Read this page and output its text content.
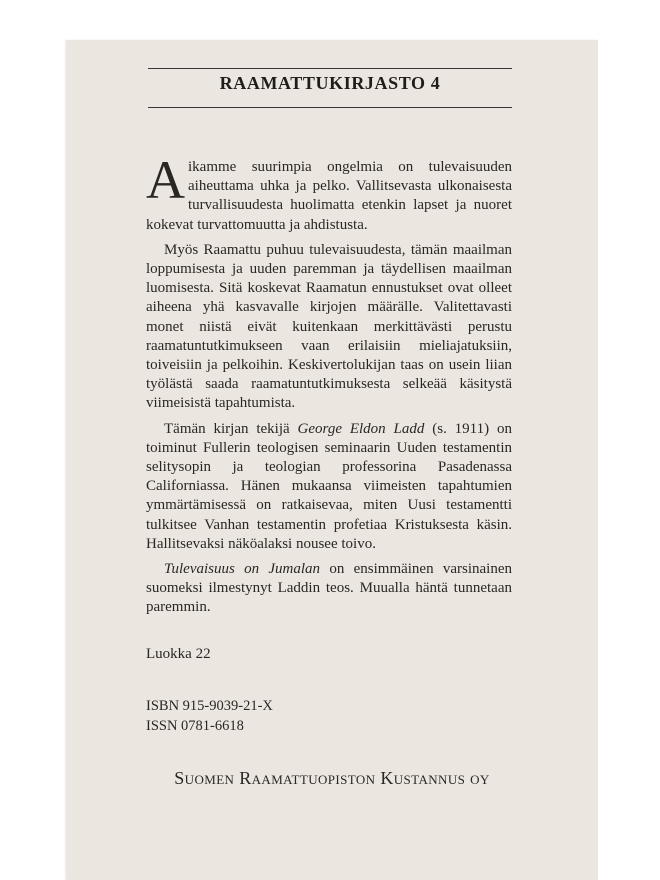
RAAMATTUKIRJASTO 4

Aikamme suurimpia ongelmia on tulevaisuuden aiheuttama uhka ja pelko. Vallitsevasta ulkonaisesta turvallisuudesta huolimatta etenkin lapset ja nuoret kokevat turvattomuutta ja ahdistusta.

Myös Raamattu puhuu tulevaisuudesta, tämän maailman loppumisesta ja uuden paremman ja täydellisen maailman luomisesta. Sitä koskevat Raamatun ennustukset ovat olleet aiheena yhä kasvavalle kirjojen määrälle. Valitettavasti monet niistä eivät kuitenkaan merkittävästi perustu raamatuntutkimukseen vaan erilaisiin mieliajatuksiin, toiveisiin ja pelkoihin. Keskivertolukijan taas on usein liian työlästä saada raamatuntutkimuksesta selkeää käsitystä viimeisistä tapahtumista.

Tämän kirjan tekijä George Eldon Ladd (s. 1911) on toiminut Fullerin teologisen seminaarin Uuden testamentin selitysopin ja teologian professorina Pasadenassa Californiassa. Hänen mukaansa viimeisten tapahtumien ymmärtämisessä on ratkaisevaa, miten Uusi testamentti tulkitsee Vanhan testamentin profetiaa Kristuksesta käsin. Hallitsevaksi näköalaksi nousee toivo.

Tulevaisuus on Jumalan on ensimmäinen varsinainen suomeksi ilmestynyt Laddin teos. Muualla häntä tunnetaan paremmin.

Luokka 22
ISBN 915-9039-21-X
ISSN 0781-6618
Suomen Raamattuopiston Kustannus oy
